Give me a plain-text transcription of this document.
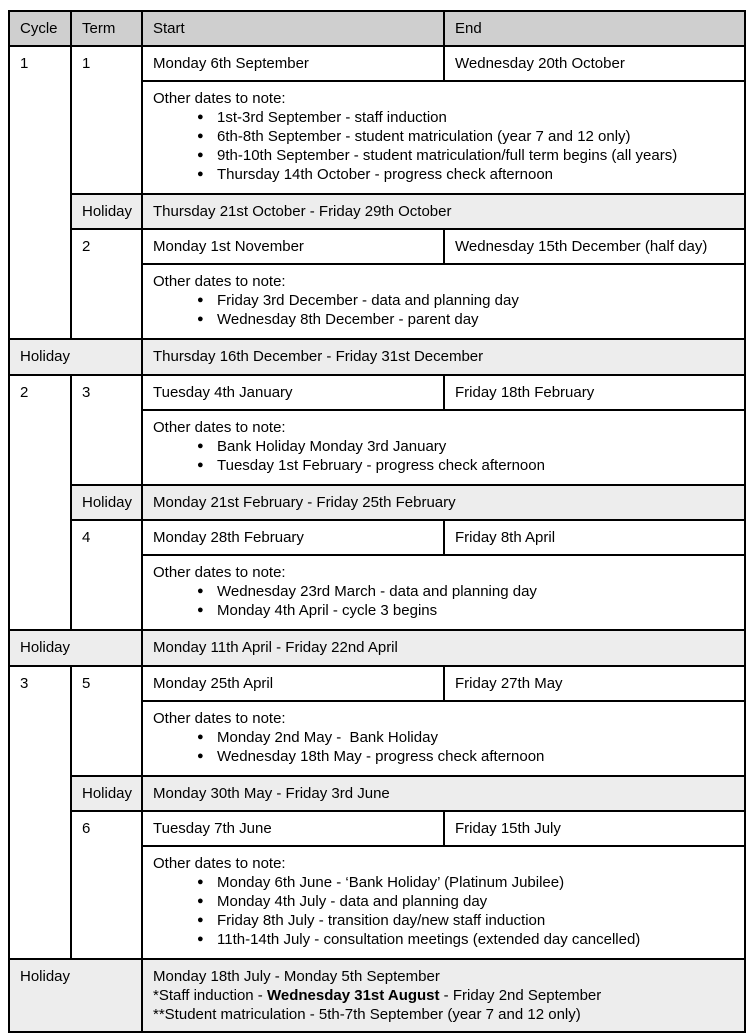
Cycle	Term	Start	End
1	1	Monday 6th September	Wednesday 20th October

Other dates to note:
● 1st-3rd September - staff induction
● 6th-8th September - student matriculation (year 7 and 12 only)
● 9th-10th September - student matriculation/full term begins (all years)
● Thursday 14th October - progress check afternoon

	Holiday	Thursday 21st October - Friday 29th October	
	2	Monday 1st November	Wednesday 15th December (half day)

Other dates to note:
● Friday 3rd December - data and planning day
● Wednesday 8th December - parent day

Holiday		Thursday 16th December - Friday 31st December	
2	3	Tuesday 4th January	Friday 18th February

Other dates to note:
● Bank Holiday Monday 3rd January
● Tuesday 1st February - progress check afternoon

	Holiday	Monday 21st February - Friday 25th February	
	4	Monday 28th February	Friday 8th April

Other dates to note:
● Wednesday 23rd March - data and planning day
● Monday 4th April - cycle 3 begins

Holiday		Monday 11th April - Friday 22nd April	
3	5	Monday 25th April	Friday 27th May

Other dates to note:
● Monday 2nd May -  Bank Holiday
● Wednesday 18th May - progress check afternoon

	Holiday	Monday 30th May - Friday 3rd June	
	6	Tuesday 7th June	Friday 15th July

Other dates to note:
● Monday 6th June - ‘Bank Holiday’ (Platinum Jubilee)
● Monday 4th July - data and planning day
● Friday 8th July - transition day/new staff induction
● 11th-14th July - consultation meetings (extended day cancelled)

Holiday		Monday 18th July - Monday 5th September
*Staff induction - Wednesday 31st August - Friday 2nd September
**Student matriculation - 5th-7th September (year 7 and 12 only)	
